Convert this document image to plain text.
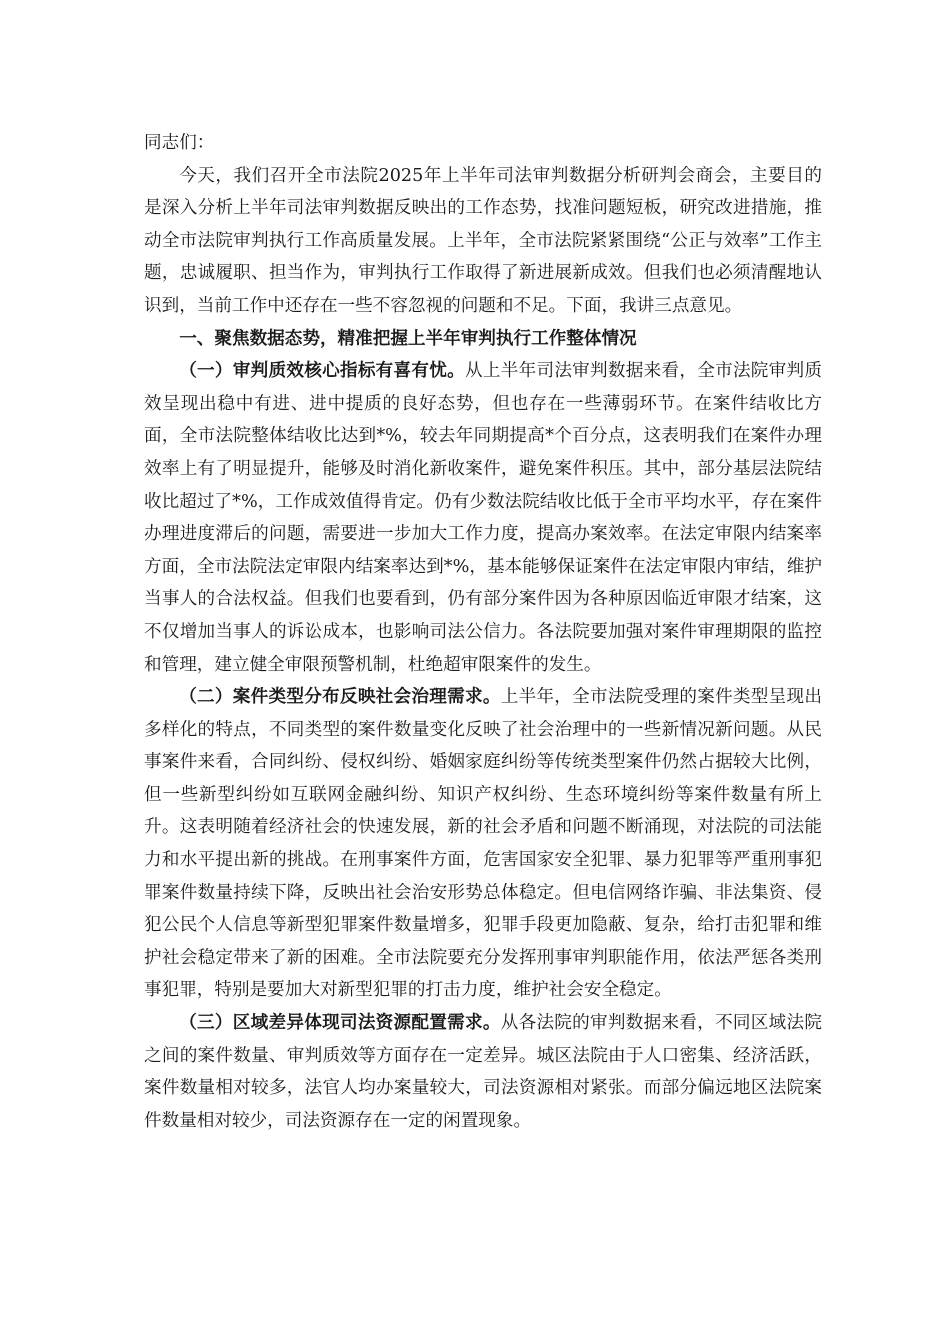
同志们：

今天，我们召开全市法院2025年上半年司法审判数据分析研判会商会，主要目的是深入分析上半年司法审判数据反映出的工作态势，找准问题短板，研究改进措施，推动全市法院审判执行工作高质量发展。上半年，全市法院紧紧围绕“公正与效率”工作主题，忠诚履职、担当作为，审判执行工作取得了新进展新成效。但我们也必须清醒地认识到，当前工作中还存在一些不容忽视的问题和不足。下面，我讲三点意见。

一、聚焦数据态势，精准把握上半年审判执行工作整体情况

（一）审判质效核心指标有喜有忧。从上半年司法审判数据来看，全市法院审判质效呈现出稳中有进、进中提质的良好态势，但也存在一些薄弱环节。在案件结收比方面，全市法院整体结收比达到*%，较去年同期提高*个百分点，这表明我们在案件办理效率上有了明显提升，能够及时消化新收案件，避免案件积压。其中，部分基层法院结收比超过了*%，工作成效值得肯定。仍有少数法院结收比低于全市平均水平，存在案件办理进度滞后的问题，需要进一步加大工作力度，提高办案效率。在法定审限内结案率方面，全市法院法定审限内结案率达到*%，基本能够保证案件在法定审限内审结，维护当事人的合法权益。但我们也要看到，仍有部分案件因为各种原因临近审限才结案，这不仅增加当事人的诉讼成本，也影响司法公信力。各法院要加强对案件审理期限的监控和管理，建立健全审限预警机制，杜绝超审限案件的发生。

（二）案件类型分布反映社会治理需求。上半年，全市法院受理的案件类型呈现出多样化的特点，不同类型的案件数量变化反映了社会治理中的一些新情况新问题。从民事案件来看，合同纠纷、侵权纠纷、婚姻家庭纠纷等传统类型案件仍然占据较大比例，但一些新型纠纷如互联网金融纠纷、知识产权纠纷、生态环境纠纷等案件数量有所上升。这表明随着经济社会的快速发展，新的社会矛盾和问题不断涌现，对法院的司法能力和水平提出新的挑战。在刑事案件方面，危害国家安全犯罪、暴力犯罪等严重刑事犯罪案件数量持续下降，反映出社会治安形势总体稳定。但电信网络诈骗、非法集资、侵犯公民个人信息等新型犯罪案件数量增多，犯罪手段更加隐蔽、复杂，给打击犯罪和维护社会稳定带来了新的困难。全市法院要充分发挥刑事审判职能作用，依法严惩各类刑事犯罪，特别是要加大对新型犯罪的打击力度，维护社会安全稳定。

（三）区域差异体现司法资源配置需求。从各法院的审判数据来看，不同区域法院之间的案件数量、审判质效等方面存在一定差异。城区法院由于人口密集、经济活跃，案件数量相对较多，法官人均办案量较大，司法资源相对紧张。而部分偏远地区法院案件数量相对较少，司法资源存在一定的闲置现象。
